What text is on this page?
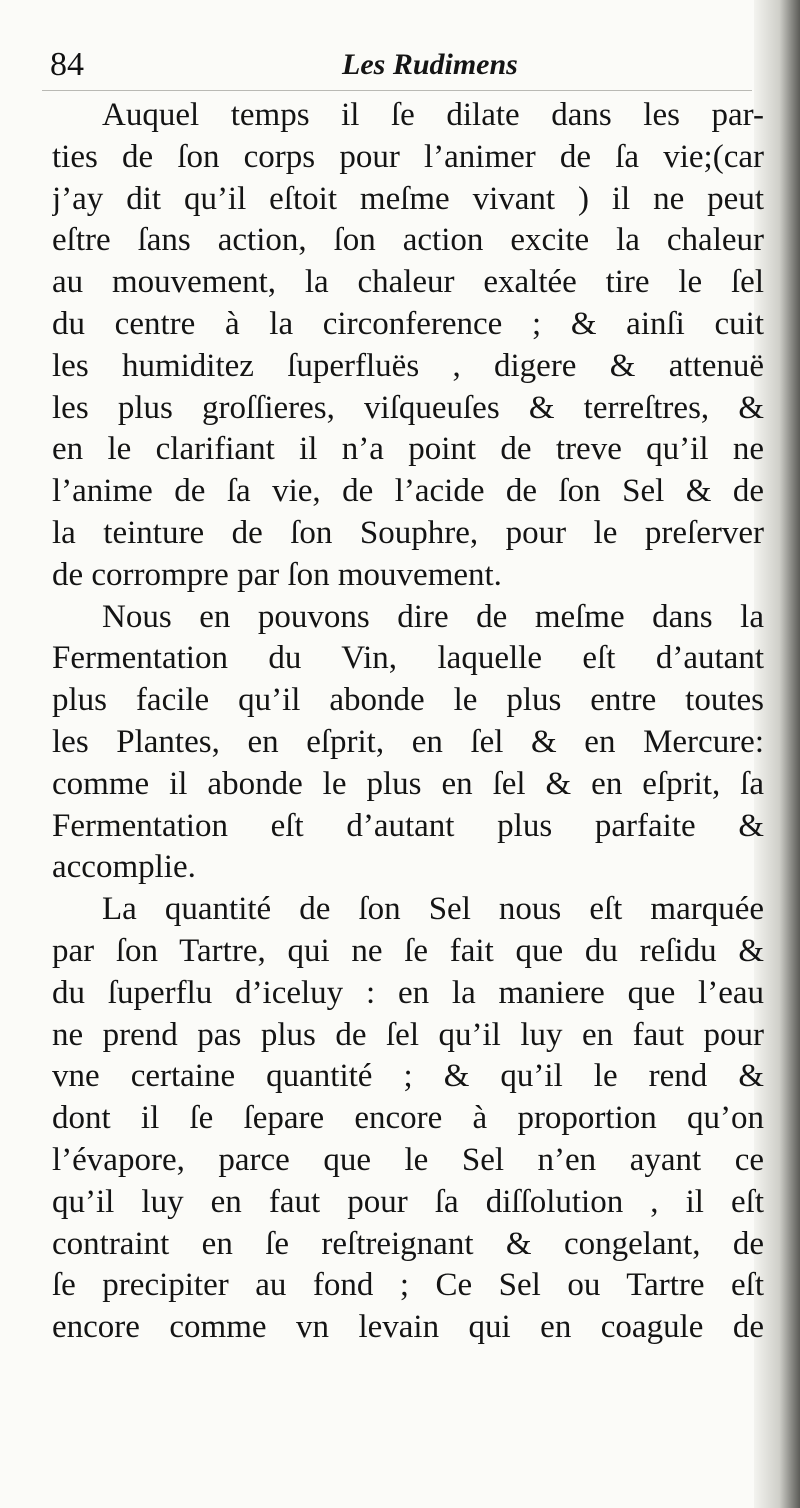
84	Les Rudimens
Auquel temps il ſe dilate dans les par-
ties de ſon corps pour l’animer de ſa vie;(car
j’ay dit qu’il eſtoit meſme vivant ) il ne peut
eſtre ſans action, ſon action excite la chaleur
au mouvement, la chaleur exaltée tire le ſel
du centre à la circonference ; & ainſi cuit
les humiditez ſuperfluës , digere & attenuë
les plus groſſieres, viſqueuſes & terreſtres, &
en le clarifiant il n’a point de treve qu’il ne
l’anime de ſa vie, de l’acide de ſon Sel & de
la teinture de ſon Souphre, pour le preſerver
de corrompre par ſon mouvement.
Nous en pouvons dire de meſme dans la
Fermentation du Vin, laquelle eſt d’autant
plus facile qu’il abonde le plus entre toutes
les Plantes, en eſprit, en ſel & en Mercure:
comme il abonde le plus en ſel & en eſprit, ſa
Fermentation eſt d’autant plus parfaite &
accomplie.
La quantité de ſon Sel nous eſt marquée
par ſon Tartre, qui ne ſe fait que du reſidu &
du ſuperflu d’iceluy : en la maniere que l’eau
ne prend pas plus de ſel qu’il luy en faut pour
vne certaine quantité ; & qu’il le rend &
dont il ſe ſepare encore à proportion qu’on
l’évapore, parce que le Sel n’en ayant ce
qu’il luy en faut pour ſa diſſolution , il eſt
contraint en ſe reſtreignant & congelant, de
ſe precipiter au fond ; Ce Sel ou Tartre eſt
encore comme vn levain qui en coagule de
